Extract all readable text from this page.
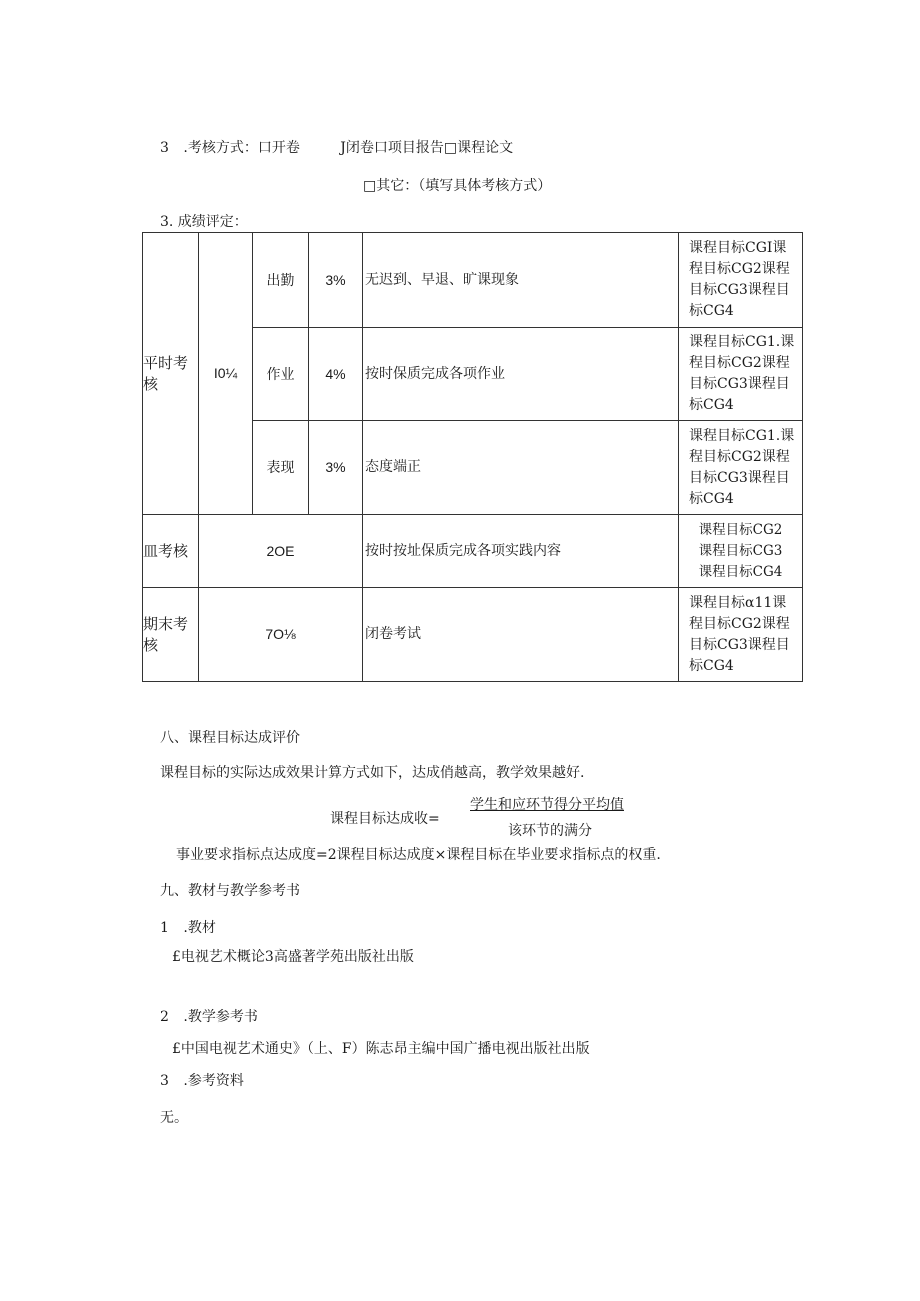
3 .考核方式：口开卷	J闭卷口项目报告□课程论文
□其它：（填写具体考核方式）
3. 成绩评定：
平时考核	I0¼	出勤	3%	无迟到、早退、旷课现象	课程目标CGI课程目标CG2课程目标CG3课程目标CG4
		作业	4%	按时保质完成各项作业	课程目标CG1.课程目标CG2课程目标CG3课程目标CG4
		表现	3%	态度端正	课程目标CG1.课程目标CG2课程目标CG3课程目标CG4
皿考核	2OE			按时按址保质完成各项实践内容	课程目标CG2
课程目标CG3
课程目标CG4

期末考核	7O⅛			闭卷考试	课程目标α11课程目标CG2课程目标CG3课程目标CG4
八、课程目标达成评价
课程目标的实际达成效果计算方式如下，达成俏越高，教学效果越好.
课程目标达成收=
学生和应环节得分平均值
该环节的满分
事业要求指标点达成度=2课程目标达成度×课程目标在毕业要求指标点的权重.
九、教材与教学参考书
1 .教材
£电视艺术概论3高盛著学苑出版社出版
2 .教学参考书
£中国电视艺术通史》（上、F）陈志昂主编中国广播电视出版社出版
3 .参考资料
无。
